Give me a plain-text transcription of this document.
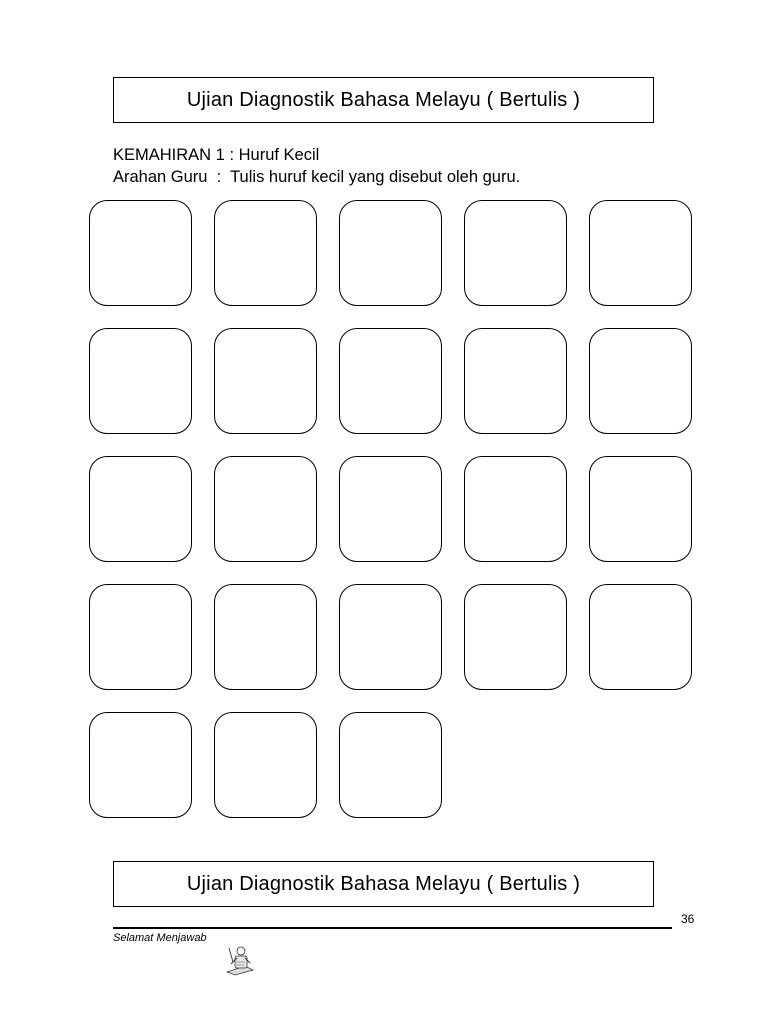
Ujian Diagnostik Bahasa Melayu ( Bertulis )
KEMAHIRAN 1 : Huruf Kecil
Arahan Guru  :  Tulis huruf kecil yang disebut oleh guru.
Ujian Diagnostik Bahasa Melayu ( Bertulis )
36
Selamat Menjawab
